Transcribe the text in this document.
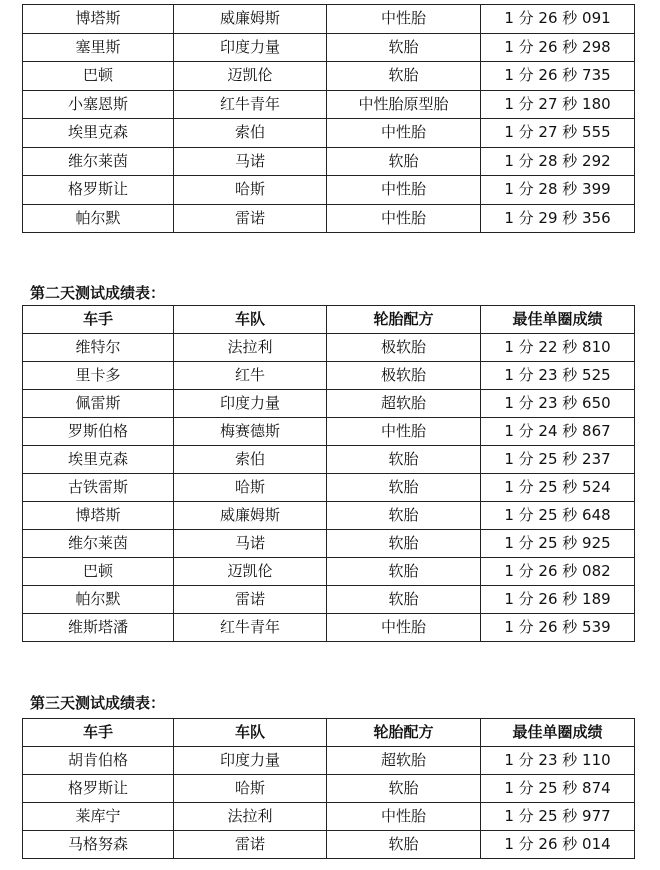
博塔斯	威廉姆斯	中性胎	1 分 26 秒 091
塞里斯	印度力量	软胎	1 分 26 秒 298
巴顿	迈凯伦	软胎	1 分 26 秒 735
小塞恩斯	红牛青年	中性胎原型胎	1 分 27 秒 180
埃里克森	索伯	中性胎	1 分 27 秒 555
维尔莱茵	马诺	软胎	1 分 28 秒 292
格罗斯让	哈斯	中性胎	1 分 28 秒 399
帕尔默	雷诺	中性胎	1 分 29 秒 356

第二天测试成绩表：

车手	车队	轮胎配方	最佳单圈成绩
维特尔	法拉利	极软胎	1 分 22 秒 810
里卡多	红牛	极软胎	1 分 23 秒 525
佩雷斯	印度力量	超软胎	1 分 23 秒 650
罗斯伯格	梅赛德斯	中性胎	1 分 24 秒 867
埃里克森	索伯	软胎	1 分 25 秒 237
古铁雷斯	哈斯	软胎	1 分 25 秒 524
博塔斯	威廉姆斯	软胎	1 分 25 秒 648
维尔莱茵	马诺	软胎	1 分 25 秒 925
巴顿	迈凯伦	软胎	1 分 26 秒 082
帕尔默	雷诺	软胎	1 分 26 秒 189
维斯塔潘	红牛青年	中性胎	1 分 26 秒 539

第三天测试成绩表：

车手	车队	轮胎配方	最佳单圈成绩
胡肯伯格	印度力量	超软胎	1 分 23 秒 110
格罗斯让	哈斯	软胎	1 分 25 秒 874
莱库宁	法拉利	中性胎	1 分 25 秒 977
马格努森	雷诺	软胎	1 分 26 秒 014
